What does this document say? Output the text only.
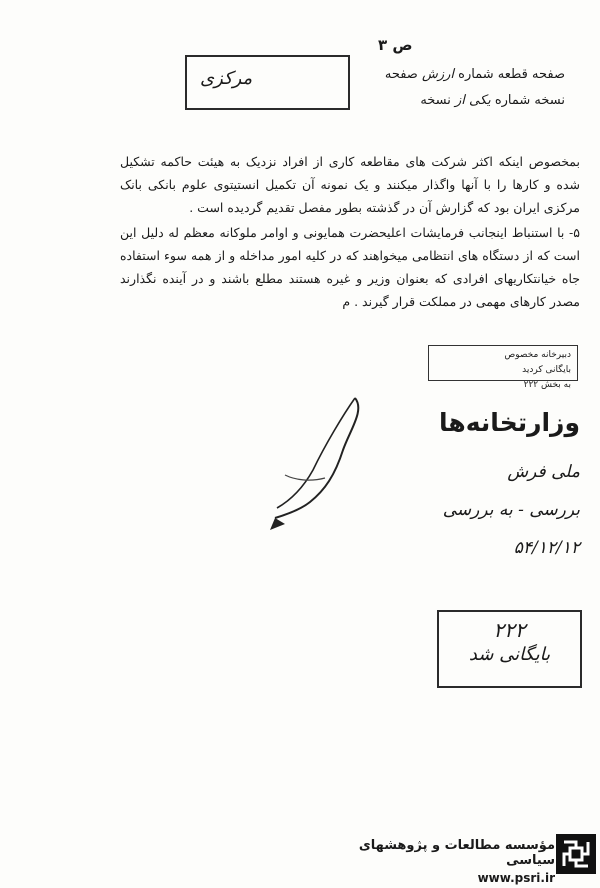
ص ۳
مرکزی	صفحه قطعه شماره ارزش صفحه
نسخه شماره یکی از نسخه

بمخصوص اینکه اکثر شرکت های مقاطعه کاری از افراد نزدیک به هیئت حاکمه تشکیل شده و کارها را با آنها واگذار میکنند و یک نمونه آن تکمیل انستیتوی علوم بانکی بانک مرکزی ایران بود که گزارش آن در گذشته بطور مفصل تقدیم گردیده است .

۵- با استنباط اینجانب فرمایشات اعلیحضرت همایونی و اوامر ملوکانه معظم له دلیل این است که از دستگاه های انتظامی میخواهند که در کلیه امور مداخله و از همه سوء استفاده جاه خیانتکاریهای افرادی که بعنوان وزیر و غیره هستند مطلع باشند و در آینده نگذارند مصدر کارهای مهمی در مملکت قرار گیرند . م

دبیرخانه مخصوص
بایگانی کردید
به بخش ۲۲۲
وزارتخانه‌ها
ملی فرش
بررسی - به بررسی
۵۴/۱۲/۱۲
۲۲۲
بایگانی شد
مؤسسه مطالعات و پژوهشهای سیاسی
www.psri.ir
